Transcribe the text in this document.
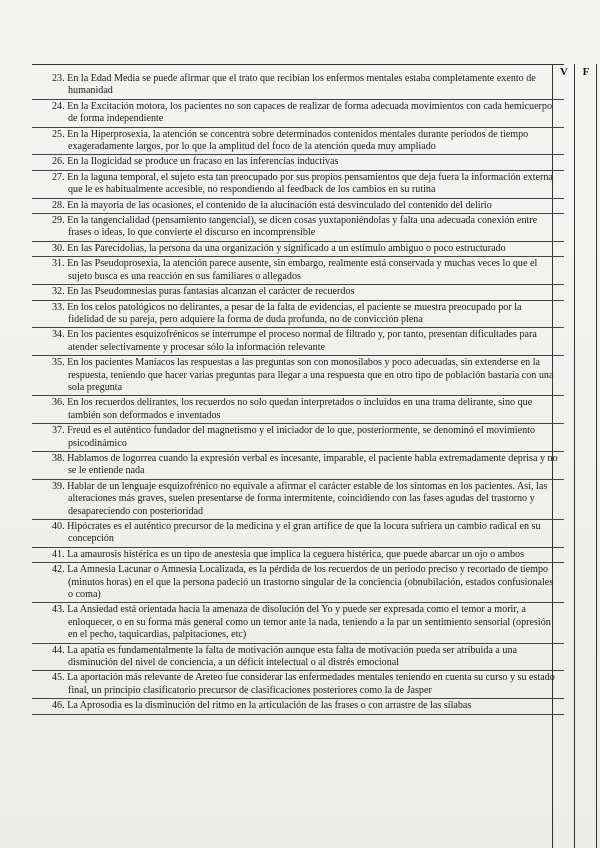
V	F
23. En la Edad Media se puede afirmar que el trato que recibían los enfermos mentales estaba completamente exento de humanidad
24. En la Excitación motora, los pacientes no son capaces de realizar de forma adecuada movimientos con cada hemicuerpo de forma independiente
25. En la Hiperprosexia, la atención se concentra sobre determinados contenidos mentales durante períodos de tiempo exageradamente largos, por lo que la amplitud del foco de la atención queda muy ampliado
26. En la Ilogicidad se produce un fracaso en las inferencias inductivas
27. En la laguna temporal, el sujeto esta tan preocupado por sus propios pensamientos que deja fuera la información externa que le es habitualmente accesible, no respondiendo al feedback de los cambios en su rutina
28. En la mayoría de las ocasiones, el contenido de la alucinación está desvinculado del contenido del delirio
29. En la tangencialidad (pensamiento tangencial), se dicen cosas yuxtaponiéndolas y falta una adecuada conexión entre frases o ideas, lo que convierte el discurso en incomprensible
30. En las Parecidolias, la persona da una organización y significado a un estímulo ambiguo o poco estructurado
31. En las Pseudoprosexia, la atención parece ausente, sin embargo, realmente está conservada y muchas veces lo que el sujeto busca es una reacción en sus familiares o allegados
32. En las Pseudomnesias puras fantasías alcanzan el carácter de recuerdos
33. En los celos patológicos no delirantes, a pesar de la falta de evidencias, el paciente se muestra preocupado por la fidelidad de su pareja, pero adquiere la forma de duda profunda, no de convicción plena
34. En los pacientes esquizofrénicos se interrumpe el proceso normal de filtrado y, por tanto, presentan dificultades para atender selectivamente y procesar sólo la información relevante
35. En los pacientes Maníacos las respuestas a las preguntas son con monosílabos y poco adecuadas, sin extenderse en la respuesta, teniendo que hacer varias preguntas para llegar a una respuesta que en otro tipo de población bastaría con una sola pregunta
36. En los recuerdos delirantes, los recuerdos no solo quedan interpretados o incluidos en una trama delirante, sino que también son deformados e inventados
37. Freud es el auténtico fundador del magnetismo y el iniciador de lo que, posteriormente, se denominó el movimiento psicodinámico
38. Hablamos de logorrea cuando la expresión verbal es incesante, imparable, el paciente habla extremadamente deprisa y no se le entiende nada
39. Hablar de un lenguaje esquizofrénico no equivale a afirmar el carácter estable de los síntomas en los pacientes. Así, las alteraciones más graves, suelen presentarse de forma intermitente, coincidiendo con las fases agudas del trastorno y desapareciendo con posterioridad
40. Hipócrates es el auténtico precursor de la medicina y el gran artífice de que la locura sufriera un cambio radical en su concepción
41. La amaurosis histérica es un tipo de anestesia que implica la ceguera histérica, que puede abarcar un ojo o ambos
42. La Amnesia Lacunar o Amnesia Localizada, es la pérdida de los recuerdos de un periodo preciso y recortado de tiempo (minutos horas) en el que la persona padeció un trastorno singular de la conciencia (obnubilación, estados confusionales o coma)
43. La Ansiedad está orientada hacia la amenaza de disolución del Yo y puede ser expresada como el temor a morir, a enloquecer, o en su forma más general como un temor ante la nada, teniendo a la par un sentimiento sensorial (opresión en el pecho, taquicardias, palpitaciones, etc)
44. La apatía es fundamentalmente la falta de motivación aunque esta falta de motivación pueda ser atribuida a una disminución del nivel de conciencia, a un déficit intelectual o al distrés emocional
45. La aportación más relevante de Areteo fue considerar las enfermedades mentales teniendo en cuenta su curso y su estado final, un principio clasificatorio precursor de clasificaciones posteriores como la de Jasper
46. La Aprosodia es la disminución del ritmo en la articulación de las frases o con arrastre de las sílabas
